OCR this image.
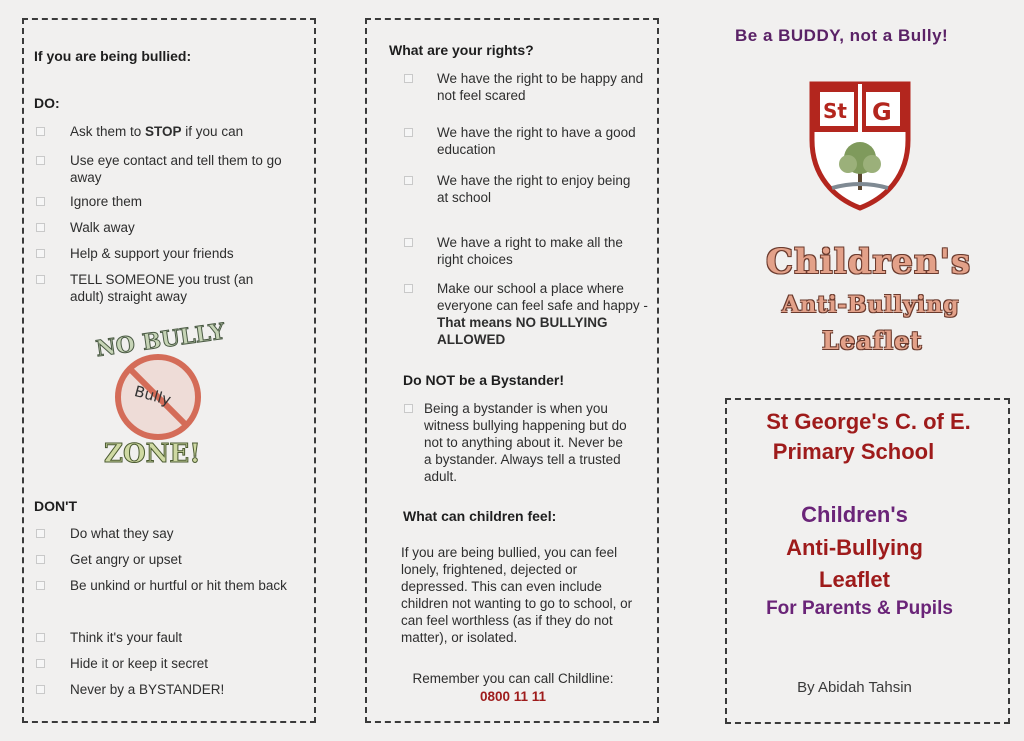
If you are being bullied:
DO:
Ask them to STOP if you can
Use eye contact and tell them to go away
Ignore them
Walk away
Help & support your friends
TELL SOMEONE you trust (an adult) straight away
NO BULLY
Bully
ZONE!
DON'T
Do what they say
Get angry or upset
Be unkind or hurtful or hit them back
Think it's your fault
Hide it or keep it secret
Never by a BYSTANDER!
What are your rights?
We have the right to be happy and not feel scared
We have the right to have a good education
We have the right to enjoy being at school
We have a right to make all the right choices
Make our school a place where everyone can feel safe and happy - That means NO BULLYING ALLOWED
Do NOT be a Bystander!
Being a bystander is when you witness bullying happening but do not to anything about it. Never be a bystander. Always tell a trusted adult.
What can children feel:
If you are being bullied, you can feel lonely, frightened, dejected or depressed. This can even include children not wanting to go to school, or can feel worthless (as if they do not matter), or isolated.
Remember you can call Childline:
0800 11 11
Be a BUDDY, not a Bully!
St G
Children's
Anti-Bullying
Leaflet
St George's C. of E.
Primary School
Children's
Anti-Bullying
Leaflet
For Parents & Pupils
By Abidah Tahsin
